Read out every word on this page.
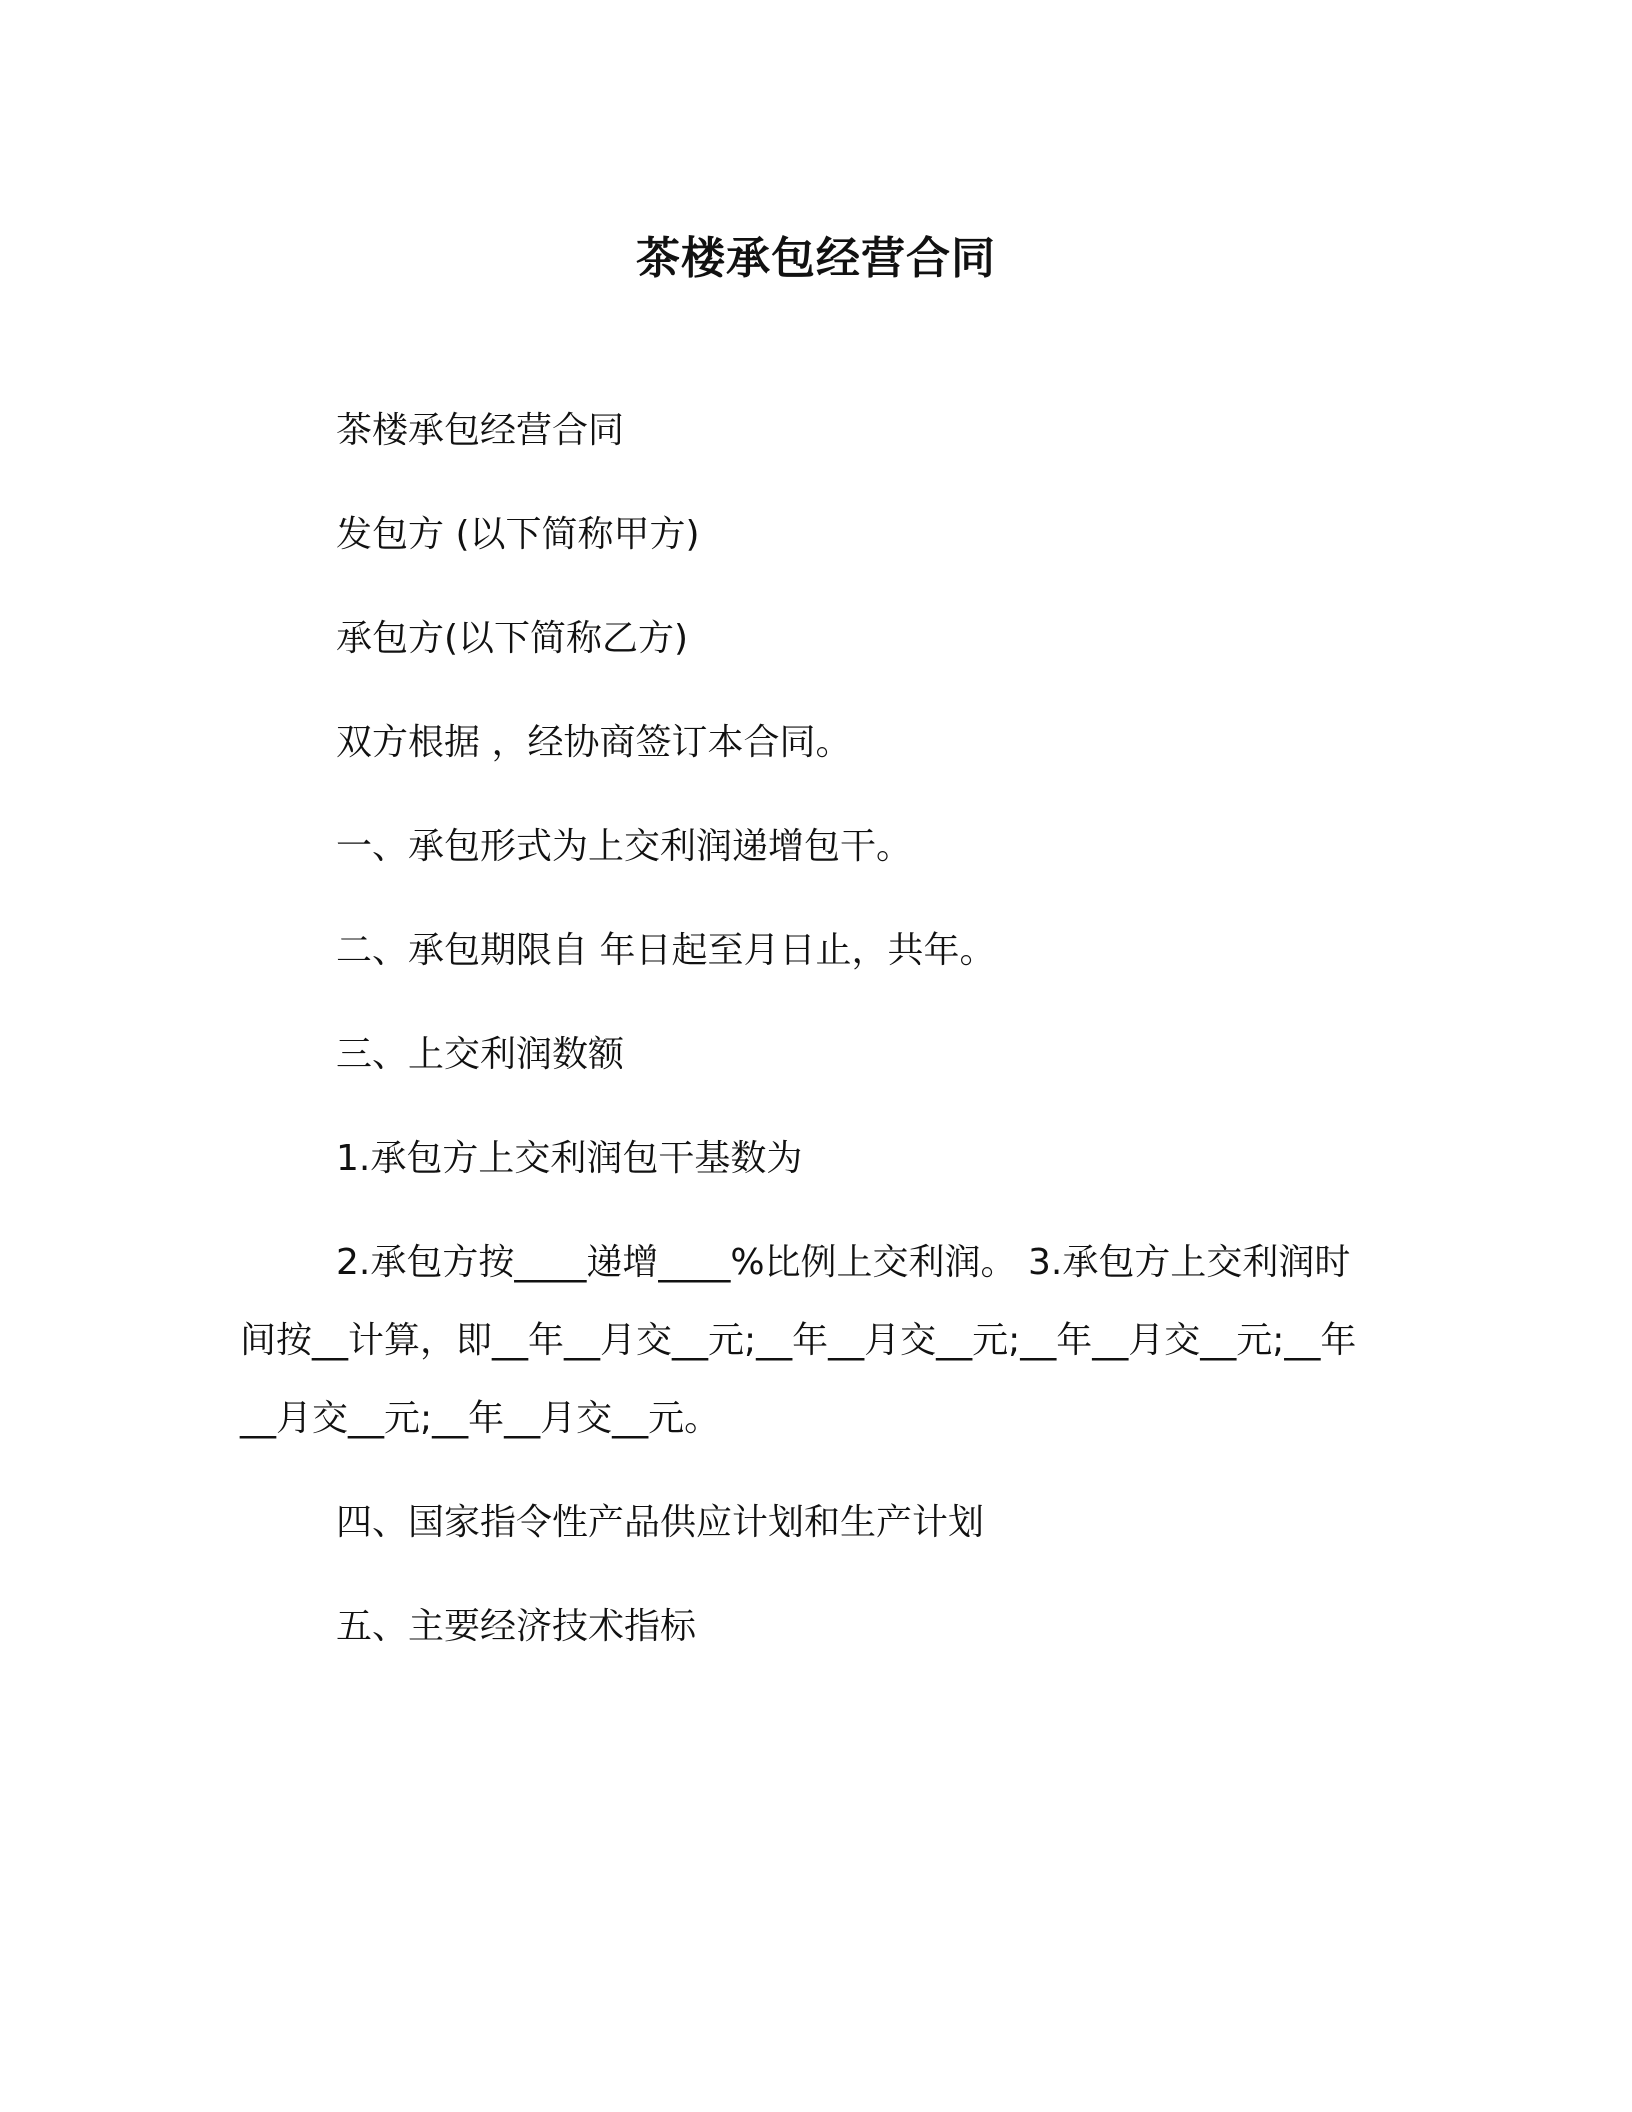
茶楼承包经营合同

茶楼承包经营合同

发包方 (以下简称甲方)

承包方(以下简称乙方)

双方根据 ，经协商签订本合同。

一、承包形式为上交利润递增包干。

二、承包期限自 年日起至月日止，共年。

三、上交利润数额

1.承包方上交利润包干基数为

2.承包方按____递增____%比例上交利润。 3.承包方上交利润时间按__计算，即__年__月交__元;__年__月交__元;__年__月交__元;__年__月交__元;__年__月交__元。

四、国家指令性产品供应计划和生产计划

五、主要经济技术指标
